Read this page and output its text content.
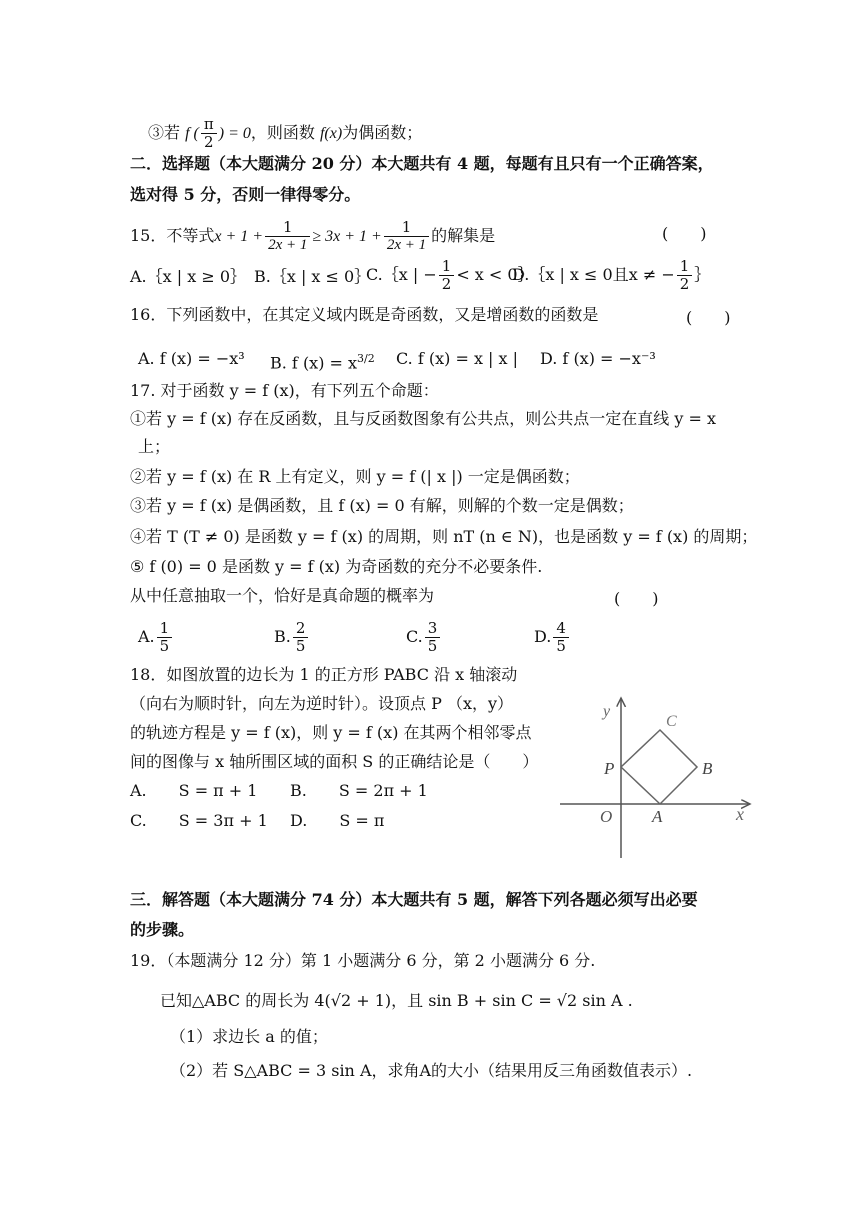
③若 f ( $\frac{\pi}{2}$ ) = 0，则函数 f(x)为偶函数；
二．选择题（本大题满分 20 分）本大题共有 4 题，每题有且只有一个正确答案，
选对得 5 分，否则一律得零分。
15．不等式$x + 1 + \frac{1}{2x + 1} \ge 3x + 1 + \frac{1}{2x + 1}$ 的解集是	(　　)
A.｛x | x ≥ 0｝ B.｛x | x ≤ 0｝
C.｛x | − $\frac{1}{2} < x$ < 0｝
D.｛x | x ≤ 0且x ≠ − $\frac{1}{2}$ ｝
16．下列函数中，在其定义域内既是奇函数，又是增函数的函数是	(　　)
A. f (x) = −x³ B. f $(x) = x^{3/2}$ C. f (x) = x | x | D. f (x) = −x⁻³
17. 对于函数 y = f (x)，有下列五个命题：
①若 y = f (x) 存在反函数，且与反函数图象有公共点，则公共点一定在直线 y = x
上；
②若 y = f (x) 在 R 上有定义，则 y = f (| x |) 一定是偶函数；
③若 y = f (x) 是偶函数，且 f (x) = 0 有解，则解的个数一定是偶数；
④若 T (T ≠ 0) 是函数 y = f (x) 的周期，则 nT (n ∈ N)，也是函数 y = f (x) 的周期；
⑤ f (0) = 0 是函数 y = f (x) 为奇函数的充分不必要条件.
从中任意抽取一个，恰好是真命题的概率为	(　　)
A. $\frac{1}{5}$	B. $\frac{2}{5}$	C. $\frac{3}{5}$	D. $\frac{4}{5}$
18．如图放置的边长为 1 的正方形 PABC 沿 x 轴滚动
（向右为顺时针，向左为逆时针）。设顶点 P （x，y）
的轨迹方程是 y = f (x)，则 y = f (x) 在其两个相邻零点
间的图像与 x 轴所围区域的面积 S 的正确结论是（　　）
A.　　S = π + 1 B.　　S = 2π + 1
C.　　S = 3π + 1 D.　　S = π
y
x
O
P
A
B
C
三．解答题（本大题满分 74 分）本大题共有 5 题，解答下列各题必须写出必要
的步骤。
19．（本题满分 12 分）第 1 小题满分 6 分，第 2 小题满分 6 分.
已知△ABC 的周长为 4(√2 + 1)，且 sin B + sin C = √2 sin A .
（1）求边长 a 的值；
（2）若 S△ABC = 3 sin A，求角A的大小（结果用反三角函数值表示）.
